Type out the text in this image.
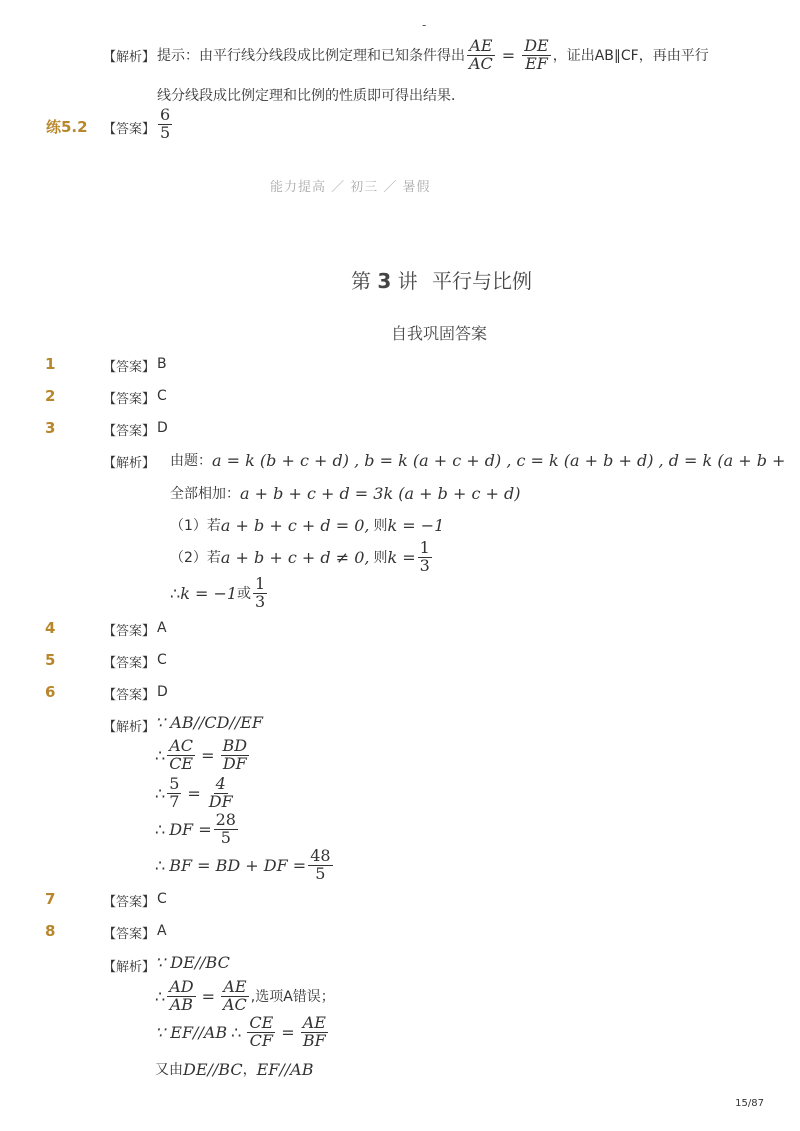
-
【解析】 提示：由平行线分线段成比例定理和已知条件得出 $\frac{AE}{AC} = \frac{DE}{EF}$ ，证出AB∥CF，再由平行
线分线段成比例定理和比例的性质即可得出结果．
练5.2 【答案】 $\frac{6}{5}$
能力提高 ／ 初三 ／ 暑假
第 3 讲 平行与比例
自我巩固答案
1	【答案】 B
2	【答案】 C
3	【答案】 D
【解析】 由题： a = k (b + c + d) , b = k (a + c + d) , c = k (a + b + d) , d = k (a + b +
全部相加： a + b + c + d = 3k (a + b + c + d)
（1）若 a + b + c + d = 0, 则 k = −1
（2）若 a + b + c + d ≠ 0, 则 $k = \frac{1}{3}$
∴ k = −1 或 $\frac{1}{3}$
4	【答案】 A
5	【答案】 C
6	【答案】 D
【解析】 ∵ AB//CD//EF
∴ $\frac{AC}{CE} = \frac{BD}{DF}$
∴ $\frac{5}{7} = \frac{4}{DF}$
∴ DF = $\frac{28}{5}$
∴ BF = BD + DF = $\frac{48}{5}$
7	【答案】 C
8	【答案】 A
【解析】 ∵ DE//BC
∴ $\frac{AD}{AB} = \frac{AE}{AC}$ ,选项A错误；
∵ EF//AB ∴ $\frac{CE}{CF} = \frac{AE}{BF}$
又由 DE//BC ， EF//AB
15/87
